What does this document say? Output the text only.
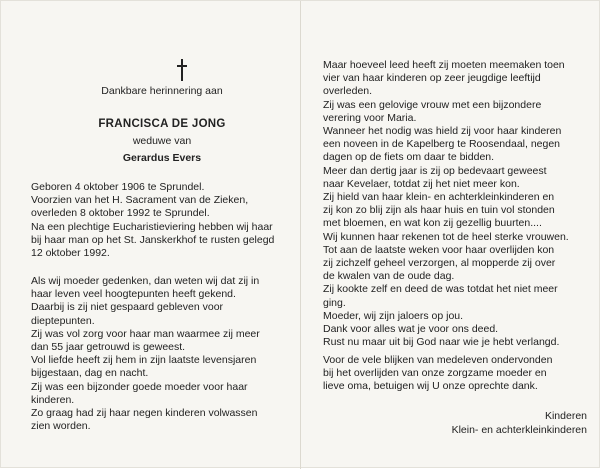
Dankbare herinnering aan
FRANCISCA DE JONG
weduwe van
Gerardus Evers
Geboren 4 oktober 1906 te Sprundel.
Voorzien van het H. Sacrament van de Zieken,
overleden 8 oktober 1992 te Sprundel.
Na een plechtige Eucharistieviering hebben wij haar
bij haar man op het St. Janskerkhof te rusten gelegd
12 oktober 1992.
Als wij moeder gedenken, dan weten wij dat zij in
haar leven veel hoogtepunten heeft gekend.
Daarbij is zij niet gespaard gebleven voor
dieptepunten.
Zij was vol zorg voor haar man waarmee zij meer
dan 55 jaar getrouwd is geweest.
Vol liefde heeft zij hem in zijn laatste levensjaren
bijgestaan, dag en nacht.
Zij was een bijzonder goede moeder voor haar
kinderen.
Zo graag had zij haar negen kinderen volwassen
zien worden.
Maar hoeveel leed heeft zij moeten meemaken toen
vier van haar kinderen op zeer jeugdige leeftijd
overleden.
Zij was een gelovige vrouw met een bijzondere
verering voor Maria.
Wanneer het nodig was hield zij voor haar kinderen
een noveen in de Kapelberg te Roosendaal, negen
dagen op de fiets om daar te bidden.
Meer dan dertig jaar is zij op bedevaart geweest
naar Kevelaer, totdat zij het niet meer kon.
Zij hield van haar klein- en achterkleinkinderen en
zij kon zo blij zijn als haar huis en tuin vol stonden
met bloemen, en wat kon zij gezellig buurten....
Wij kunnen haar rekenen tot de heel sterke vrouwen.
Tot aan de laatste weken voor haar overlijden kon
zij zichzelf geheel verzorgen, al mopperde zij over
de kwalen van de oude dag.
Zij kookte zelf en deed de was totdat het niet meer
ging.
Moeder, wij zijn jaloers op jou.
Dank voor alles wat je voor ons deed.
Rust nu maar uit bij God naar wie je hebt verlangd.
Voor de vele blijken van medeleven ondervonden
bij het overlijden van onze zorgzame moeder en
lieve oma, betuigen wij U onze oprechte dank.
Kinderen
Klein- en achterkleinkinderen
